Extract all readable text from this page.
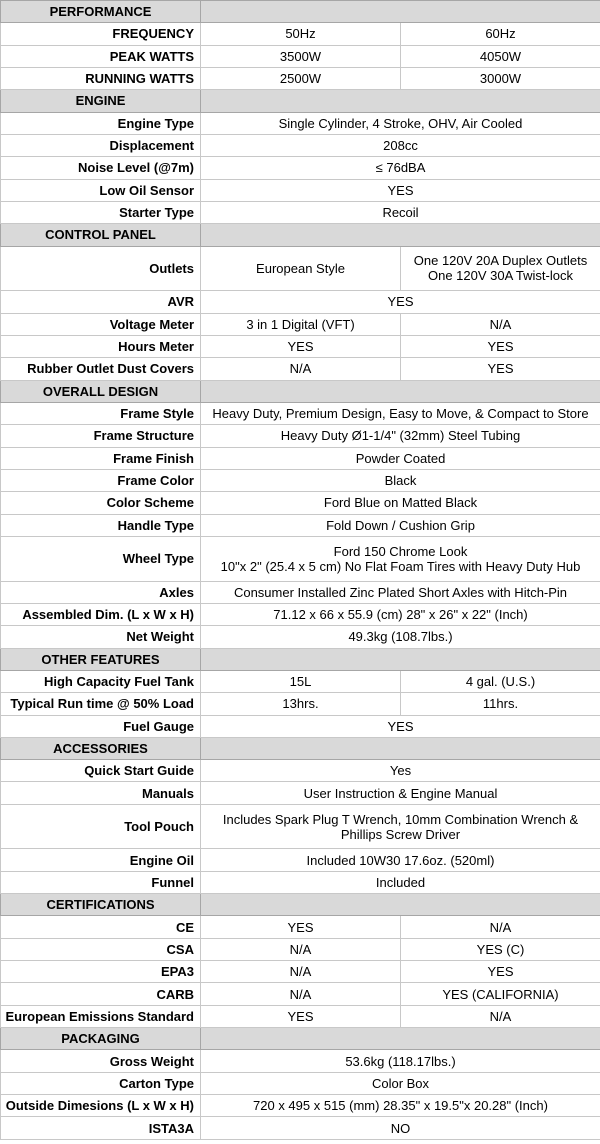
PERFORMANCE		
FREQUENCY	50Hz	60Hz
PEAK WATTS	3500W	4050W
RUNNING WATTS	2500W	3000W
ENGINE		
Engine Type	Single Cylinder, 4 Stroke, OHV, Air Cooled	
Displacement	208cc	
Noise Level (@7m)	≤ 76dBA	
Low Oil Sensor	YES	
Starter Type	Recoil	
CONTROL PANEL		
Outlets	European Style	One 120V 20A Duplex Outlets
One 120V 30A Twist-lock

AVR	YES	
Voltage Meter	3 in 1 Digital (VFT)	N/A
Hours Meter	YES	YES
Rubber Outlet Dust Covers	N/A	YES
OVERALL DESIGN		
Frame Style	Heavy Duty, Premium Design, Easy to Move, & Compact to Store	
Frame Structure	Heavy Duty Ø1-1/4" (32mm) Steel Tubing	
Frame Finish	Powder Coated	
Frame Color	Black	
Color Scheme	Ford Blue on Matted Black	
Handle Type	Fold Down / Cushion Grip	
Wheel Type	Ford 150 Chrome Look
10"x 2" (25.4 x 5 cm) No Flat Foam Tires with Heavy Duty Hub	

Axles	Consumer Installed Zinc Plated Short Axles with Hitch-Pin	
Assembled Dim. (L x W x H)	71.12 x 66 x 55.9 (cm) 28" x 26" x 22" (Inch)	
Net Weight	49.3kg (108.7lbs.)	
OTHER FEATURES		
High Capacity Fuel Tank	15L	4 gal. (U.S.)
Typical Run time @ 50% Load	13hrs.	11hrs.
Fuel Gauge	YES	
ACCESSORIES		
Quick Start Guide	Yes	
Manuals	User Instruction & Engine Manual	
Tool Pouch	Includes Spark Plug T Wrench, 10mm Combination Wrench &
Phillips Screw Driver	

Engine Oil	Included 10W30 17.6oz. (520ml)	
Funnel	Included	
CERTIFICATIONS		
CE	YES	N/A
CSA	N/A	YES (C)
EPA3	N/A	YES
CARB	N/A	YES (CALIFORNIA)
European Emissions Standard	YES	N/A
PACKAGING		
Gross Weight	53.6kg (118.17lbs.)	
Carton Type	Color Box	
Outside Dimesions (L x W x H)	720 x 495 x 515 (mm) 28.35" x 19.5"x 20.28" (Inch)	
ISTA3A	NO	
